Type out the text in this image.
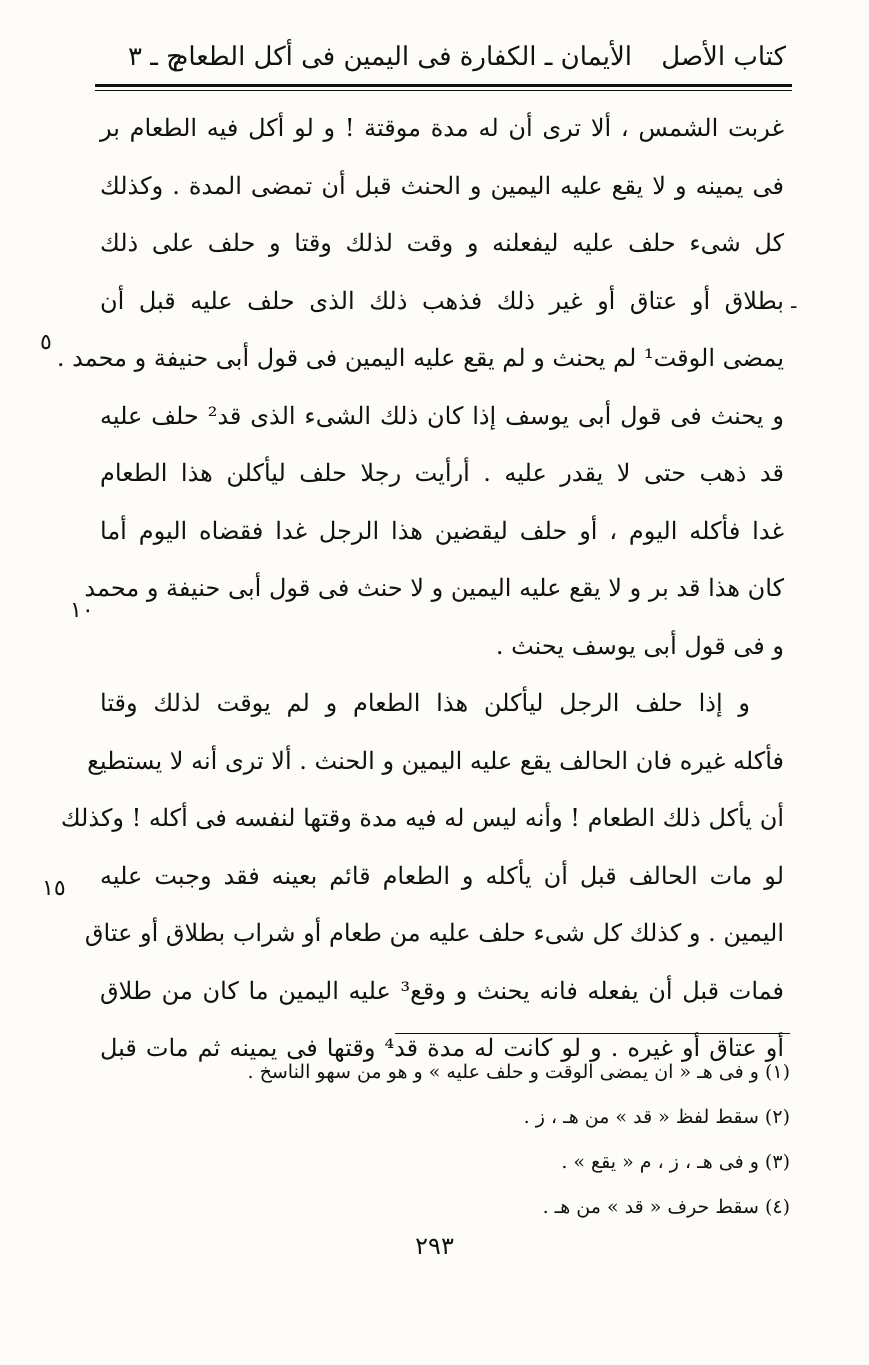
كتاب الأصل
الأيمان ـ الكفارة فى اليمين فى أكل الطعام
ج ـ ٣
غربت الشمس ، ألا ترى أن له مدة موقتة ! و لو أكل فيه الطعام بر
فى يمينه و لا يقع عليه اليمين و الحنث قبل أن تمضى المدة . وكذلك
كل شىء حلف عليه ليفعلنه و وقت لذلك وقتا و حلف على ذلك
بطلاق أو عتاق أو غير ذلك فذهب ذلك الذى حلف عليه قبل أن
يمضى الوقت¹ لم يحنث و لم يقع عليه اليمين فى قول أبى حنيفة و محمد .
و يحنث فى قول أبى يوسف إذا كان ذلك الشىء الذى قد² حلف عليه
قد ذهب حتى لا يقدر عليه . أرأيت رجلا حلف ليأكلن هذا الطعام
غدا فأكله اليوم ، أو حلف ليقضين هذا الرجل غدا فقضاه اليوم أما
كان هذا قد بر و لا يقع عليه اليمين و لا حنث فى قول أبى حنيفة و محمد
و فى قول أبى يوسف يحنث .
و إذا حلف الرجل ليأكلن هذا الطعام و لم يوقت لذلك وقتا
فأكله غيره فان الحالف يقع عليه اليمين و الحنث . ألا ترى أنه لا يستطيع
أن يأكل ذلك الطعام ! وأنه ليس له فيه مدة وقتها لنفسه فى أكله ! وكذلك
لو مات الحالف قبل أن يأكله و الطعام قائم بعينه فقد وجبت عليه
اليمين . و كذلك كل شىء حلف عليه من طعام أو شراب بطلاق أو عتاق
فمات قبل أن يفعله فانه يحنث و وقع³ عليه اليمين ما كان من طلاق
أو عتاق أو غيره . و لو كانت له مدة قد⁴ وقتها فى يمينه ثم مات قبل
٥
١٠
١٥
-
(١) و فى هـ « ان يمضى الوقت و حلف عليه » و هو من سهو الناسخ .
(٢) سقط لفظ « قد » من هـ ، ز .
(٣) و فى هـ ، ز ، م « يقع » .
(٤) سقط حرف « قد » من هـ .
٢٩٣
